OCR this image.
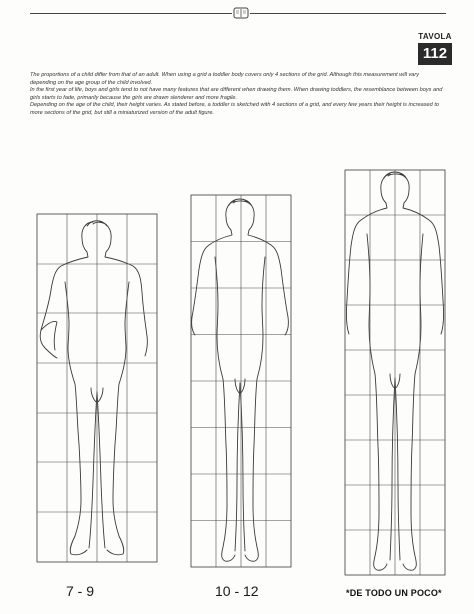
TAVOLA
112

The proportions of a child differ from that of an adult. When using a grid a toddler body covers only 4 sections of the grid. Although this measurement will vary depending on the age group of the child involved.

In the first year of life, boys and girls tend to not have many features that are different when drawing them. When drawing toddlers, the resemblance between boys and girls starts to fade, primarily because the girls are drawn slenderer and more fragile.

Depending on the age of the child, their height varies. As stated before, a toddler is sketched with 4 sections of a grid, and every few years their height is increased to more sections of the grid, but still a miniaturized version of the adult figure.

7 - 9	10 - 12	*DE TODO UN POCO*
